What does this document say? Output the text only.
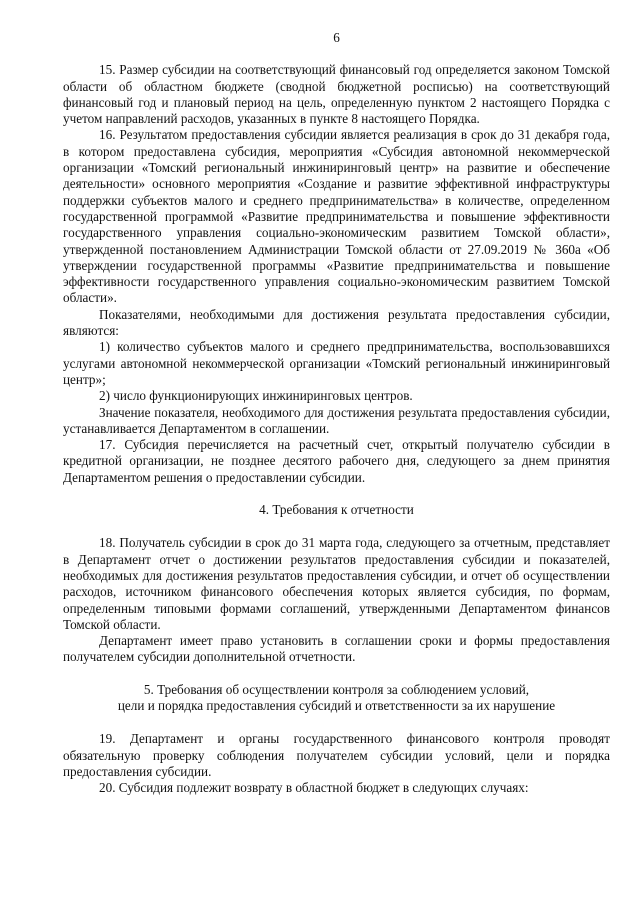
6

15. Размер субсидии на соответствующий финансовый год определяется законом Томской области об областном бюджете (сводной бюджетной росписью) на соответствующий финансовый год и плановый период на цель, определенную пунктом 2 настоящего Порядка с учетом направлений расходов, указанных в пункте 8 настоящего Порядка.

16. Результатом предоставления субсидии является реализация в срок до 31 декабря года, в котором предоставлена субсидия, мероприятия «Субсидия автономной некоммерческой организации «Томский региональный инжиниринговый центр» на развитие и обеспечение деятельности» основного мероприятия «Создание и развитие эффективной инфраструктуры поддержки субъектов малого и среднего предпринимательства» в количестве, определенном государственной программой «Развитие предпринимательства и повышение эффективности государственного управления социально-экономическим развитием Томской области», утвержденной постановлением Администрации Томской области от 27.09.2019 № 360а «Об утверждении государственной программы «Развитие предпринимательства и повышение эффективности государственного управления социально-экономическим развитием Томской области».

Показателями, необходимыми для достижения результата предоставления субсидии, являются:

1) количество субъектов малого и среднего предпринимательства, воспользовавшихся услугами автономной некоммерческой организации «Томский региональный инжиниринговый центр»;

2) число функционирующих инжиниринговых центров.

Значение показателя, необходимого для достижения результата предоставления субсидии, устанавливается Департаментом в соглашении.

17. Субсидия перечисляется на расчетный счет, открытый получателю субсидии в кредитной организации, не позднее десятого рабочего дня, следующего за днем принятия Департаментом решения о предоставлении субсидии.

4. Требования к отчетности

18. Получатель субсидии в срок до 31 марта года, следующего за отчетным, представляет в Департамент отчет о достижении результатов предоставления субсидии и показателей, необходимых для достижения результатов предоставления субсидии, и отчет об осуществлении расходов, источником финансового обеспечения которых является субсидия, по формам, определенным типовыми формами соглашений, утвержденными Департаментом финансов Томской области.

Департамент имеет право установить в соглашении сроки и формы предоставления получателем субсидии дополнительной отчетности.

5. Требования об осуществлении контроля за соблюдением условий,
цели и порядка предоставления субсидий и ответственности за их нарушение

19. Департамент и органы государственного финансового контроля проводят обязательную проверку соблюдения получателем субсидии условий, цели и порядка предоставления субсидии.

20. Субсидия подлежит возврату в областной бюджет в следующих случаях:
